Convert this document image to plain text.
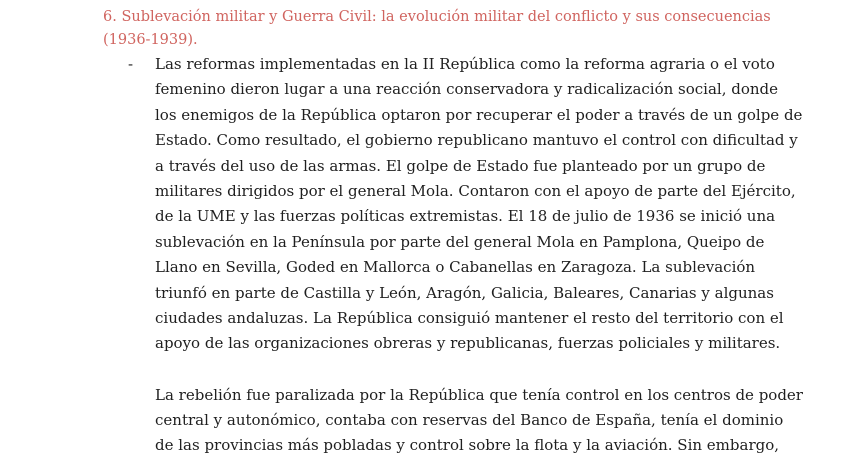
6. Sublevación militar y Guerra Civil: la evolución militar del conflicto y sus consecuencias
(1936-1939).
- Las reformas implementadas en la II República como la reforma agraria o el voto
femenino dieron lugar a una reacción conservadora y radicalización social, donde
los enemigos de la República optaron por recuperar el poder a través de un golpe de
Estado. Como resultado, el gobierno republicano mantuvo el control con dificultad y
a través del uso de las armas. El golpe de Estado fue planteado por un grupo de
militares dirigidos por el general Mola. Contaron con el apoyo de parte del Ejército,
de la UME y las fuerzas políticas extremistas. El 18 de julio de 1936 se inició una
sublevación en la Península por parte del general Mola en Pamplona, Queipo de
Llano en Sevilla, Goded en Mallorca o Cabanellas en Zaragoza. La sublevación
triunfó en parte de Castilla y León, Aragón, Galicia, Baleares, Canarias y algunas
ciudades andaluzas. La República consiguió mantener el resto del territorio con el
apoyo de las organizaciones obreras y republicanas, fuerzas policiales y militares.

La rebelión fue paralizada por la República que tenía control en los centros de poder
central y autonómico, contaba con reservas del Banco de España, tenía el dominio
de las provincias más pobladas y control sobre la flota y la aviación. Sin embargo,
